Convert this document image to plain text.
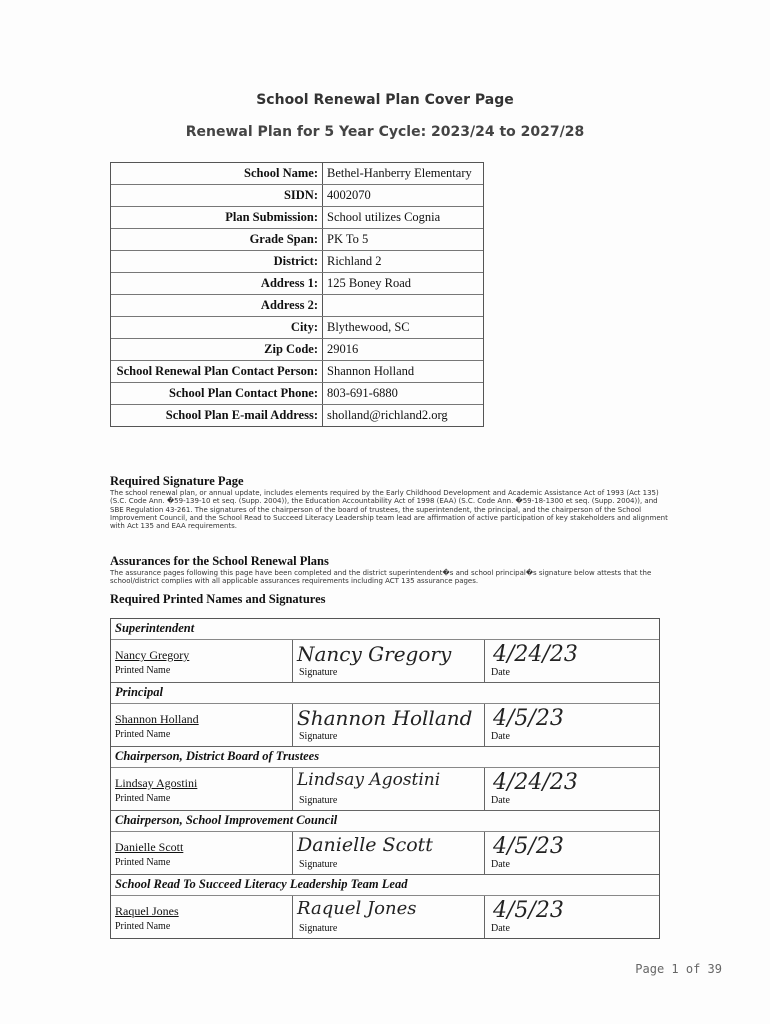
School Renewal Plan Cover Page
Renewal Plan for 5 Year Cycle: 2023/24 to 2027/28
School Name: Bethel-Hanberry Elementary
SIDN: 4002070
Plan Submission: School utilizes Cognia
Grade Span: PK To 5
District: Richland 2
Address 1: 125 Boney Road
Address 2:
City: Blythewood, SC
Zip Code: 29016
School Renewal Plan Contact Person: Shannon Holland
School Plan Contact Phone: 803-691-6880
School Plan E-mail Address: sholland@richland2.org
Required Signature Page
The school renewal plan, or annual update, includes elements required by the Early Childhood Development and Academic Assistance Act of 1993 (Act 135) (S.C. Code Ann. �59-139-10 et seq. (Supp. 2004)), the Education Accountability Act of 1998 (EAA) (S.C. Code Ann. �59-18-1300 et seq. (Supp. 2004)), and SBE Regulation 43-261. The signatures of the chairperson of the board of trustees, the superintendent, the principal, and the chairperson of the School Improvement Council, and the School Read to Succeed Literacy Leadership team lead are affirmation of active participation of key stakeholders and alignment with Act 135 and EAA requirements.
Assurances for the School Renewal Plans
The assurance pages following this page have been completed and the district superintendent�s and school principal�s signature below attests that the school/district complies with all applicable assurances requirements including ACT 135 assurance pages.
Required Printed Names and Signatures
Superintendent
Nancy Gregory
Printed Name
Nancy Gregory
Signature
4/24/23
Date
Principal
Shannon Holland
Printed Name
Shannon Holland
Signature
4/5/23
Date
Chairperson, District Board of Trustees
Lindsay Agostini
Printed Name
Lindsay Agostini
Signature
4/24/23
Date
Chairperson, School Improvement Council
Danielle Scott
Printed Name
Danielle Scott
Signature
4/5/23
Date
School Read To Succeed Literacy Leadership Team Lead
Raquel Jones
Printed Name
Raquel Jones
Signature
4/5/23
Date
Page 1 of 39
